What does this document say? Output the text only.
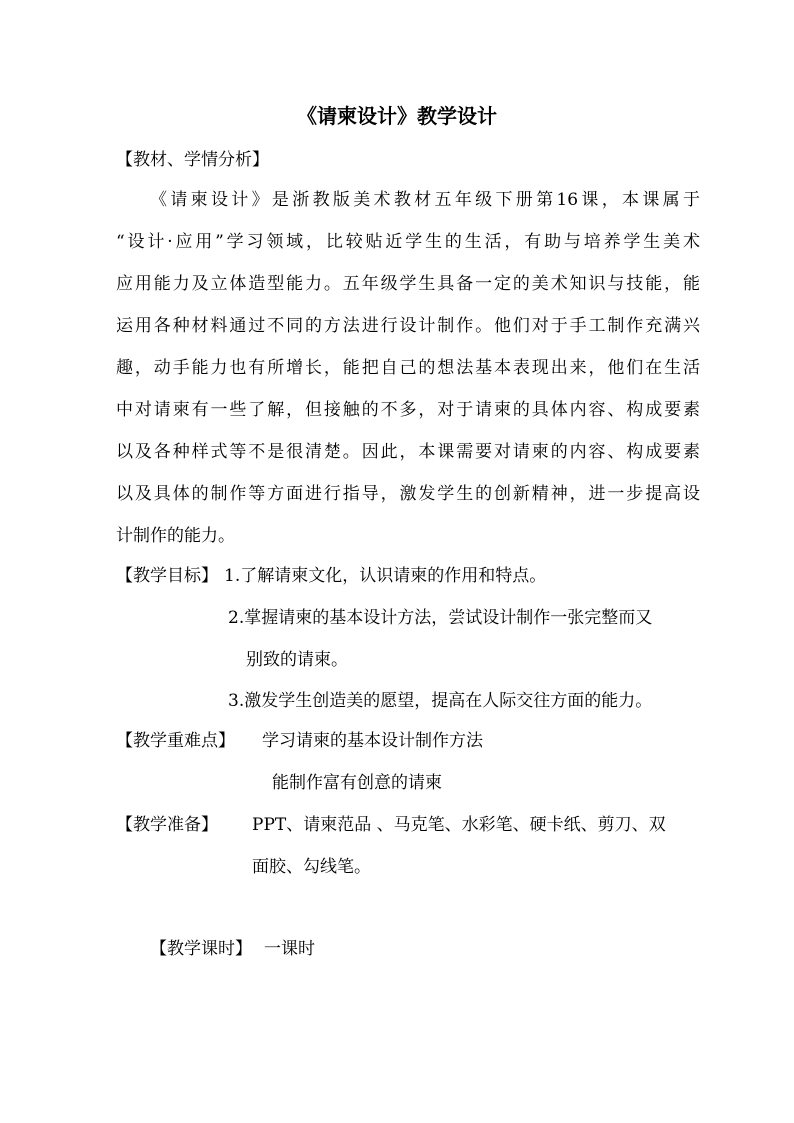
《请柬设计》教学设计
【教材、学情分析】

《请柬设计》是浙教版美术教材五年级下册第16课，本课属于

“设计·应用”学习领域，比较贴近学生的生活，有助与培养学生美术

应用能力及立体造型能力。五年级学生具备一定的美术知识与技能，能

运用各种材料通过不同的方法进行设计制作。他们对于手工制作充满兴

趣，动手能力也有所增长，能把自己的想法基本表现出来，他们在生活

中对请柬有一些了解，但接触的不多，对于请柬的具体内容、构成要素

以及各种样式等不是很清楚。因此，本课需要对请柬的内容、构成要素

以及具体的制作等方面进行指导，激发学生的创新精神，进一步提高设

计制作的能力。

【教学目标】 1.了解请柬文化，认识请柬的作用和特点。
2.掌握请柬的基本设计方法，尝试设计制作一张完整而又
别致的请柬。
3.激发学生创造美的愿望，提高在人际交往方面的能力。
【教学重难点】 学习请柬的基本设计制作方法
能制作富有创意的请柬
【教学准备】 PPT、请柬范品 、马克笔、水彩笔、硬卡纸、剪刀、双
面胶、勾线笔。
【教学课时】 一课时
